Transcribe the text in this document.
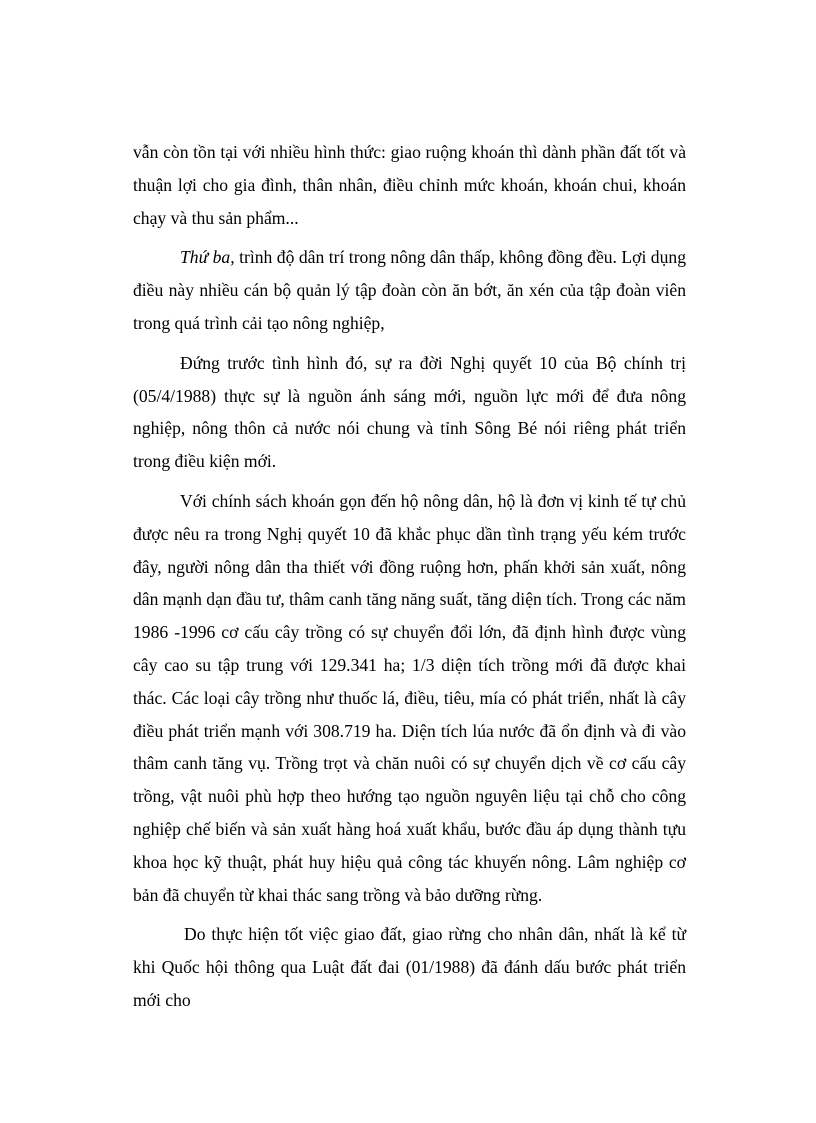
vẫn còn tồn tại với nhiều hình thức: giao ruộng khoán thì dành phần đất tốt và thuận lợi cho gia đình, thân nhân, điều chỉnh mức khoán, khoán chui, khoán chạy và thu sản phẩm...

Thứ ba, trình độ dân trí trong nông dân thấp, không đồng đều. Lợi dụng điều này nhiều cán bộ quản lý tập đoàn còn ăn bớt, ăn xén của tập đoàn viên trong quá trình cải tạo nông nghiệp,

Đứng trước tình hình đó, sự ra đời Nghị quyết 10 của Bộ chính trị (05/4/1988) thực sự là nguồn ánh sáng mới, nguồn lực mới để đưa nông nghiệp, nông thôn cả nước nói chung và tỉnh Sông Bé nói riêng phát triển trong điều kiện mới.

Với chính sách khoán gọn đến hộ nông dân, hộ là đơn vị kinh tế tự chủ được nêu ra trong Nghị quyết 10 đã khắc phục dần tình trạng yếu kém trước đây, người nông dân tha thiết với đồng ruộng hơn, phấn khởi sản xuất, nông dân mạnh dạn đầu tư, thâm canh tăng năng suất, tăng diện tích. Trong các năm 1986 -1996 cơ cấu cây trồng có sự chuyển đổi lớn, đã định hình được vùng cây cao su tập trung với 129.341 ha; 1/3 diện tích trồng mới đã được khai thác. Các loại cây trồng như thuốc lá, điều, tiêu, mía có phát triển, nhất là cây điều phát triển mạnh với 308.719 ha. Diện tích lúa nước đã ổn định và đi vào thâm canh tăng vụ. Trồng trọt và chăn nuôi có sự chuyển dịch về cơ cấu cây trồng, vật nuôi phù hợp theo hướng tạo nguồn nguyên liệu tại chỗ cho công nghiệp chế biến và sản xuất hàng hoá xuất khẩu, bước đầu áp dụng thành tựu khoa học kỹ thuật, phát huy hiệu quả công tác khuyến nông. Lâm nghiệp cơ bản đã chuyển từ khai thác sang trồng và bảo dưỡng rừng.

Do thực hiện tốt việc giao đất, giao rừng cho nhân dân, nhất là kể từ khi Quốc hội thông qua Luật đất đai (01/1988) đã đánh dấu bước phát triển mới cho
